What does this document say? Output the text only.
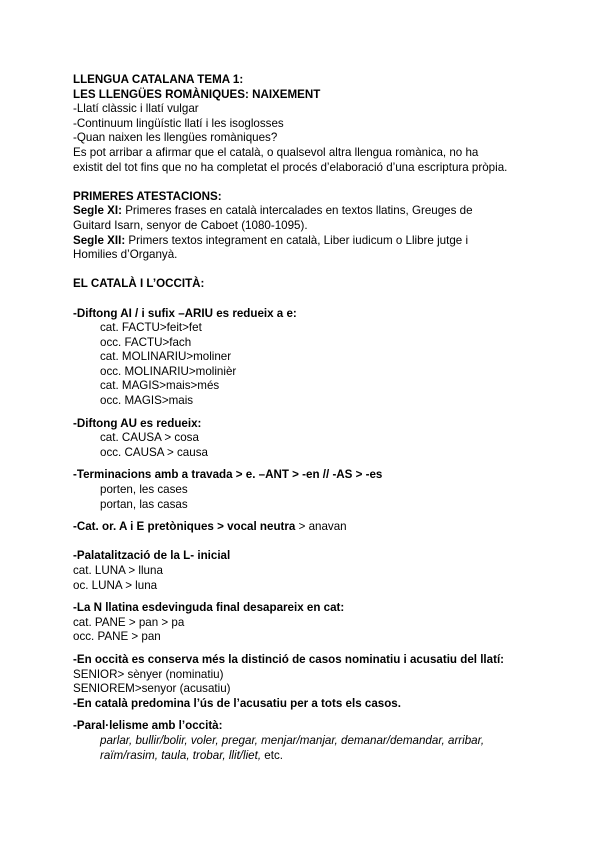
LLENGUA CATALANA TEMA 1:

LES LLENGÜES ROMÀNIQUES: NAIXEMENT

-Llatí clàssic i llatí vulgar

-Continuum lingüístic llatí i les isoglosses

-Quan naixen les llengües romàniques?

Es pot arribar a afirmar que el català, o qualsevol altra llengua romànica, no ha

existit del tot fins que no ha completat el procés d’elaboració d’una escriptura pròpia.

PRIMERES ATESTACIONS:

Segle XI: Primeres frases en català intercalades en textos llatins, Greuges de

Guitard Isarn, senyor de Caboet (1080-1095).

Segle XII: Primers textos integrament en català, Liber iudicum o Llibre jutge i

Homilies d’Organyà.

EL CATALÀ I L’OCCITÀ:

-Diftong AI / i sufix –ARIU es redueix a e:

cat. FACTU>feit>fet

occ. FACTU>fach

cat. MOLINARIU>moliner

occ. MOLINARIU>molinièr

cat. MAGIS>mais>més

occ. MAGIS>mais

-Diftong AU es redueix:

cat. CAUSA > cosa

occ. CAUSA > causa

-Terminacions amb a travada > e. –ANT > -en // -AS > -es

porten, les cases

portan, las casas

-Cat. or. A i E pretòniques > vocal neutra > anavan

-Palatalització de la L- inicial

cat. LUNA > lluna

oc. LUNA > luna

-La N llatina esdevinguda final desapareix en cat:

cat. PANE > pan > pa

occ. PANE > pan

-En occità es conserva més la distinció de casos nominatiu i acusatiu del llatí:

SENIOR> sènyer (nominatiu)

SENIOREM>senyor (acusatiu)

-En català predomina l’ús de l’acusatiu per a tots els casos.

-Paral·lelisme amb l’occità:

parlar, bullir/bolir, voler, pregar, menjar/manjar, demanar/demandar, arribar,

raïm/rasim, taula, trobar, llit/liet, etc.
